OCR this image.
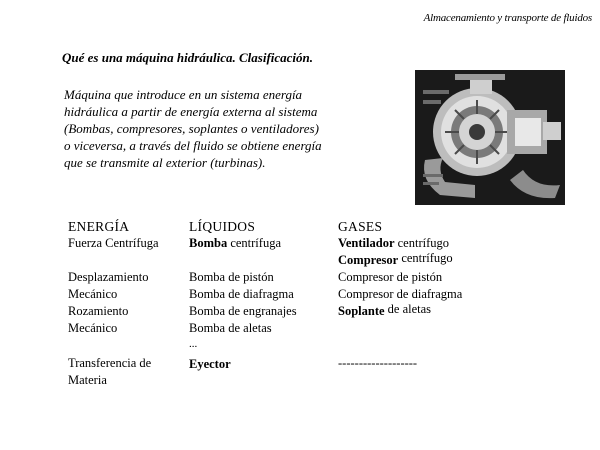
Almacenamiento y transporte de fluidos
Qué es una máquina hidráulica. Clasificación.
Máquina que introduce en un sistema energía
hidráulica a partir de energía externa al sistema
(Bombas, compresores, soplantes o ventiladores)
o viceversa, a través del fluido se obtiene energía
que se transmite al exterior (turbinas).
ENERGÍA
Fuerza Centrífuga
Desplazamiento
Mecánico
Rozamiento
Mecánico
Transferencia de
Materia
LÍQUIDOS
Bomba centrífuga
Bomba de pistón
Bomba de diafragma
Bomba de engranajes
Bomba de aletas
...
Eyector
GASES
Ventilador centrífugo
Compresor centrífugo
Compresor de pistón
Compresor de diafragma
Soplante de aletas
-------------------
